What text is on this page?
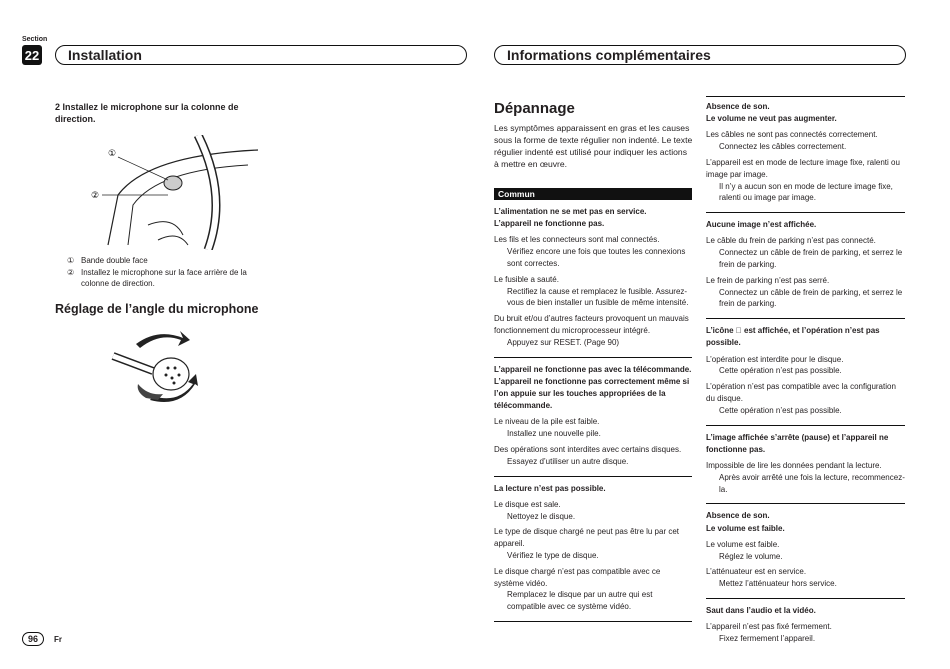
Section
22 Installation	Informations complémentaires
2 Installez le microphone sur la colonne de direction.
①
②
① Bande double face
② Installez le microphone sur la face arrière de la colonne de direction.
Réglage de l’angle du microphone
Dépannage
Les symptômes apparaissent en gras et les causes sous la forme de texte régulier non indenté. Le texte régulier indenté est utilisé pour indiquer les actions à mettre en œuvre.
Commun
L’alimentation ne se met pas en service.
L’appareil ne fonctionne pas.
Les fils et les connecteurs sont mal connectés.
Vérifiez encore une fois que toutes les connexions sont correctes.
Le fusible a sauté.
Rectifiez la cause et remplacez le fusible. Assurez-vous de bien installer un fusible de même intensité.
Du bruit et/ou d’autres facteurs provoquent un mauvais fonctionnement du microprocesseur intégré.
Appuyez sur RESET. (Page 90)
L’appareil ne fonctionne pas avec la télécommande.
L’appareil ne fonctionne pas correctement même si l’on appuie sur les touches appropriées de la télécommande.
Le niveau de la pile est faible.
Installez une nouvelle pile.
Des opérations sont interdites avec certains disques.
Essayez d’utiliser un autre disque.
La lecture n’est pas possible.
Le disque est sale.
Nettoyez le disque.
Le type de disque chargé ne peut pas être lu par cet appareil.
Vérifiez le type de disque.
Le disque chargé n’est pas compatible avec ce système vidéo.
Remplacez le disque par un autre qui est compatible avec ce système vidéo.
Absence de son.
Le volume ne veut pas augmenter.
Les câbles ne sont pas connectés correctement.
Connectez les câbles correctement.
L’appareil est en mode de lecture image fixe, ralenti ou image par image.
Il n’y a aucun son en mode de lecture image fixe, ralenti ou image par image.
Aucune image n’est affichée.
Le câble du frein de parking n’est pas connecté.
Connectez un câble de frein de parking, et serrez le frein de parking.
Le frein de parking n’est pas serré.
Connectez un câble de frein de parking, et serrez le frein de parking.
L’icône ⃠ est affichée, et l’opération n’est pas possible.
L’opération est interdite pour le disque.
Cette opération n’est pas possible.
L’opération n’est pas compatible avec la configuration du disque.
Cette opération n’est pas possible.
L’image affichée s’arrête (pause) et l’appareil ne fonctionne pas.
Impossible de lire les données pendant la lecture.
Après avoir arrêté une fois la lecture, recommencez-la.
Absence de son.
Le volume est faible.
Le volume est faible.
Réglez le volume.
L’atténuateur est en service.
Mettez l’atténuateur hors service.
Saut dans l’audio et la vidéo.
L’appareil n’est pas fixé fermement.
Fixez fermement l’appareil.
96	Fr
